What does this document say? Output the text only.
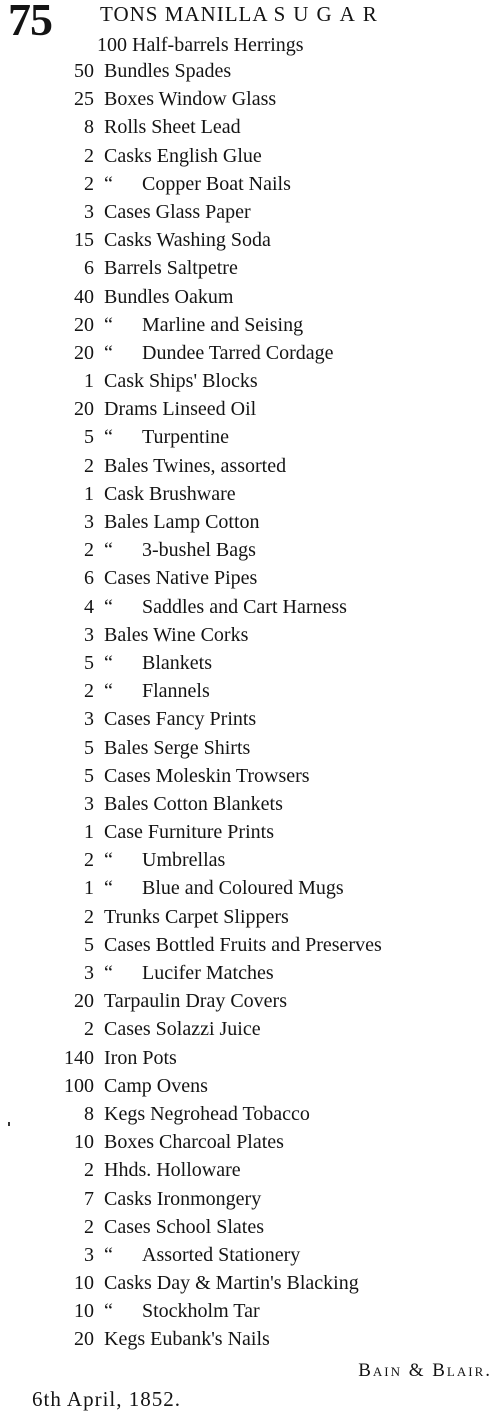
75 TONS MANILLA SUGAR
100 Half-barrels Herrings
50 Bundles Spades
25 Boxes Window Glass
8 Rolls Sheet Lead
2 Casks English Glue
2 “ Copper Boat Nails
3 Cases Glass Paper
15 Casks Washing Soda
6 Barrels Saltpetre
40 Bundles Oakum
20 “ Marline and Seising
20 “ Dundee Tarred Cordage
1 Cask Ships' Blocks
20 Drams Linseed Oil
5 “ Turpentine
2 Bales Twines, assorted
1 Cask Brushware
3 Bales Lamp Cotton
2 “ 3-bushel Bags
6 Cases Native Pipes
4 “ Saddles and Cart Harness
3 Bales Wine Corks
5 “ Blankets
2 “ Flannels
3 Cases Fancy Prints
5 Bales Serge Shirts
5 Cases Moleskin Trowsers
3 Bales Cotton Blankets
1 Case Furniture Prints
2 “ Umbrellas
1 “ Blue and Coloured Mugs
2 Trunks Carpet Slippers
5 Cases Bottled Fruits and Preserves
3 “ Lucifer Matches
20 Tarpaulin Dray Covers
2 Cases Solazzi Juice
140 Iron Pots
100 Camp Ovens
8 Kegs Negrohead Tobacco
10 Boxes Charcoal Plates
2 Hhds. Holloware
7 Casks Ironmongery
2 Cases School Slates
3 “ Assorted Stationery
10 Casks Day & Martin's Blacking
10 “ Stockholm Tar
20 Kegs Eubank's Nails
Bain & Blair.
6th April, 1852.
